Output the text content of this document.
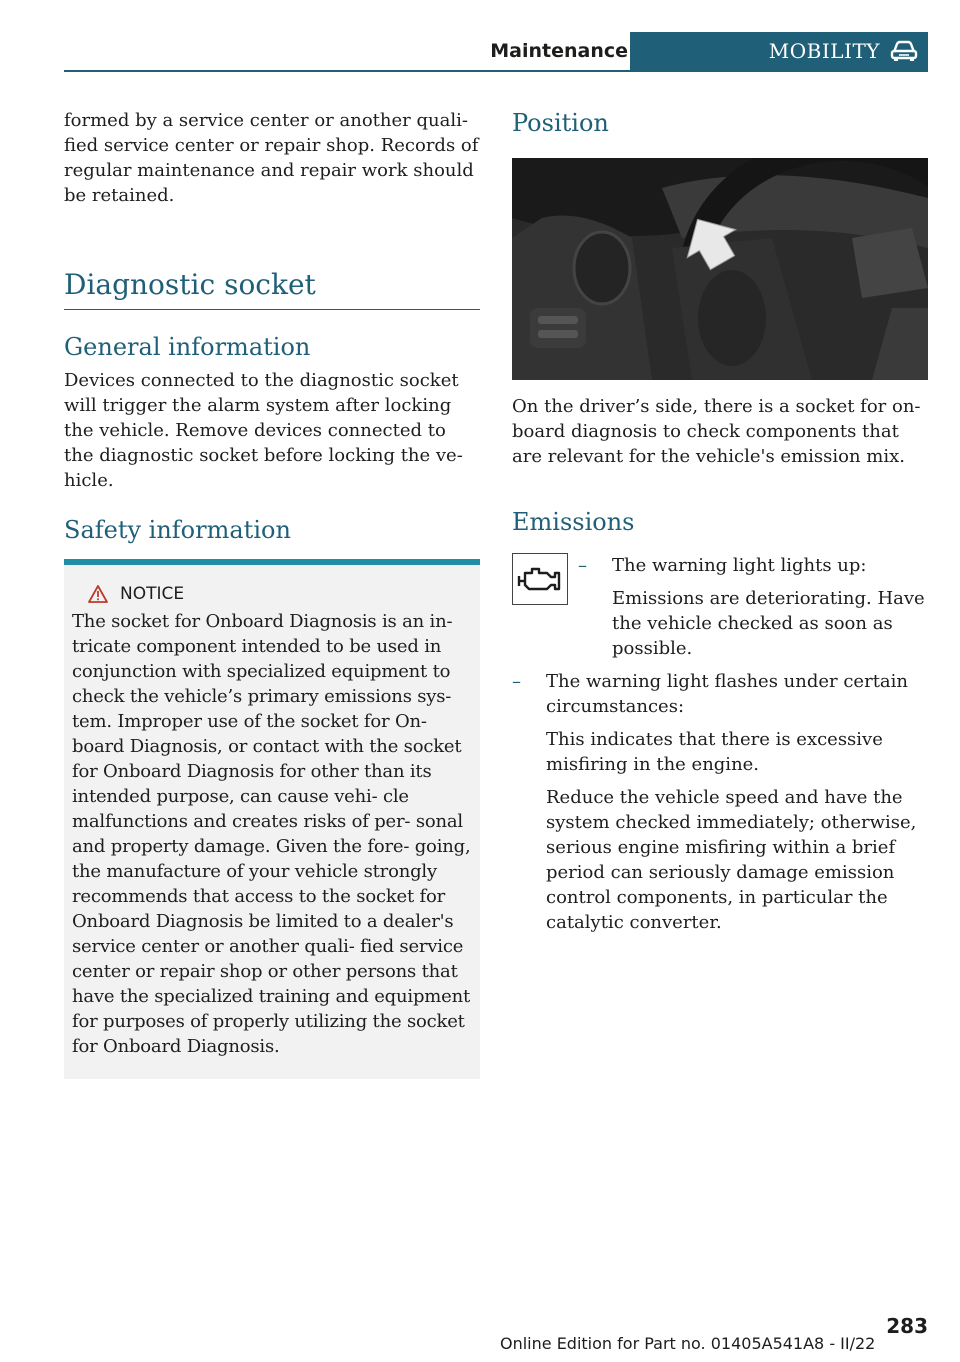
Maintenance	MOBILITY

formed by a service center or another quali‐ fied service center or repair shop. Records of regular maintenance and repair work should be retained.

Diagnostic socket
General information

Devices connected to the diagnostic socket will trigger the alarm system after locking the vehicle. Remove devices connected to the diagnostic socket before locking the ve‐ hicle.

Safety information
NOTICE

The socket for Onboard Diagnosis is an in‐ tricate component intended to be used in conjunction with specialized equipment to check the vehicle’s primary emissions sys‐ tem. Improper use of the socket for On‐ board Diagnosis, or contact with the socket for Onboard Diagnosis for other than its intended purpose, can cause vehi‐ cle malfunctions and creates risks of per‐ sonal and property damage. Given the fore‐ going, the manufacture of your vehicle strongly recommends that access to the socket for Onboard Diagnosis be limited to a dealer's service center or another quali‐ fied service center or repair shop or other persons that have the specialized training and equipment for purposes of properly utilizing the socket for Onboard Diagnosis.

Position

On the driver’s side, there is a socket for on‐ board diagnosis to check components that are relevant for the vehicle's emission mix.

Emissions
–	The warning light lights up:

Emissions are deteriorating. Have the vehicle checked as soon as possible.

–	The warning light flashes under certain circumstances:

This indicates that there is excessive misfiring in the engine.

Reduce the vehicle speed and have the system checked immediately; otherwise, serious engine misfiring within a brief period can seriously damage emission control components, in particular the catalytic converter.

283
Online Edition for Part no. 01405A541A8 - II/22
